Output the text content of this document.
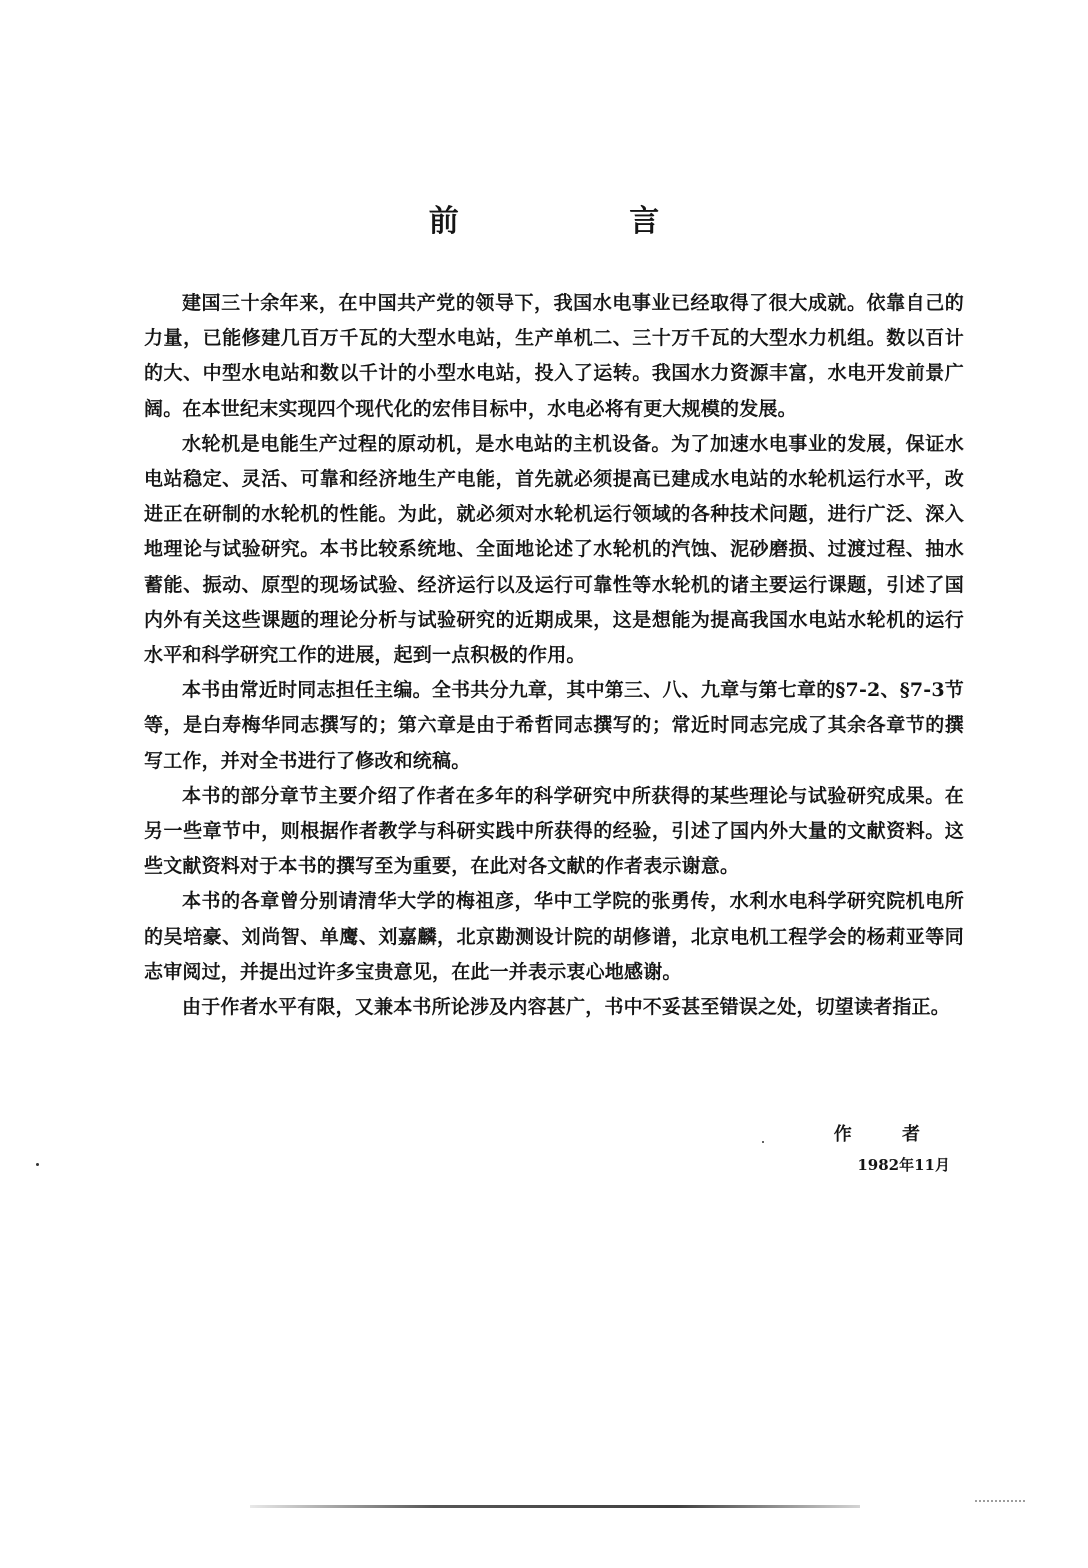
前 言

建国三十余年来，在中国共产党的领导下，我国水电事业已经取得了很大成就。依靠自己的力量，已能修建几百万千瓦的大型水电站，生产单机二、三十万千瓦的大型水力机组。数以百计的大、中型水电站和数以千计的小型水电站，投入了运转。我国水力资源丰富，水电开发前景广阔。在本世纪末实现四个现代化的宏伟目标中，水电必将有更大规模的发展。

水轮机是电能生产过程的原动机，是水电站的主机设备。为了加速水电事业的发展，保证水电站稳定、灵活、可靠和经济地生产电能，首先就必须提高已建成水电站的水轮机运行水平，改进正在研制的水轮机的性能。为此，就必须对水轮机运行领域的各种技术问题，进行广泛、深入地理论与试验研究。本书比较系统地、全面地论述了水轮机的汽蚀、泥砂磨损、过渡过程、抽水蓄能、振动、原型的现场试验、经济运行以及运行可靠性等水轮机的诸主要运行课题，引述了国内外有关这些课题的理论分析与试验研究的近期成果，这是想能为提高我国水电站水轮机的运行水平和科学研究工作的进展，起到一点积极的作用。

本书由常近时同志担任主编。全书共分九章，其中第三、八、九章与第七章的§7-2、§7-3节等，是白寿梅华同志撰写的；第六章是由于希哲同志撰写的；常近时同志完成了其余各章节的撰写工作，并对全书进行了修改和统稿。

本书的部分章节主要介绍了作者在多年的科学研究中所获得的某些理论与试验研究成果。在另一些章节中，则根据作者教学与科研实践中所获得的经验，引述了国内外大量的文献资料。这些文献资料对于本书的撰写至为重要，在此对各文献的作者表示谢意。

本书的各章曾分别请清华大学的梅祖彦，华中工学院的张勇传，水利水电科学研究院机电所的吴培豪、刘尚智、单鹰、刘嘉麟，北京勘测设计院的胡修谱，北京电机工程学会的杨莉亚等同志审阅过，并提出过许多宝贵意见，在此一并表示衷心地感谢。

由于作者水平有限，又兼本书所论涉及内容甚广，书中不妥甚至错误之处，切望读者指正。

作 者
1982年11月
